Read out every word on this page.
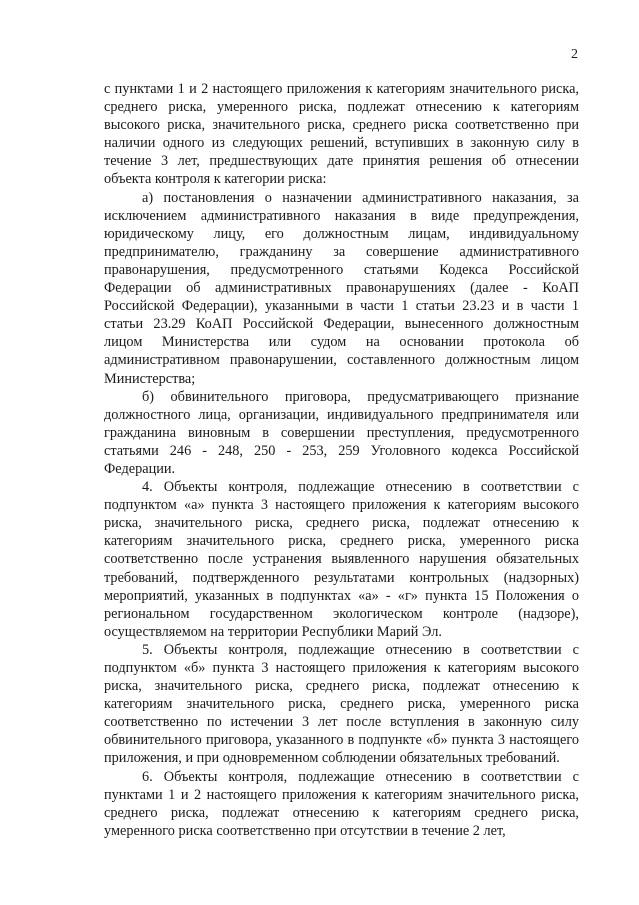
2

с пунктами 1 и 2 настоящего приложения к категориям значительного риска, среднего риска, умеренного риска, подлежат отнесению к категориям высокого риска, значительного риска, среднего риска соответственно при наличии одного из следующих решений, вступивших в законную силу в течение 3 лет, предшествующих дате принятия решения об отнесении объекта контроля к категории риска:

а) постановления о назначении административного наказания, за исключением административного наказания в виде предупреждения, юридическому лицу, его должностным лицам, индивидуальному предпринимателю, гражданину за совершение административного правонарушения, предусмотренного статьями Кодекса Российской Федерации об административных правонарушениях (далее - КоАП Российской Федерации), указанными в части 1 статьи 23.23 и в части 1 статьи 23.29 КоАП Российской Федерации, вынесенного должностным лицом Министерства или судом на основании протокола об административном правонарушении, составленного должностным лицом Министерства;

б) обвинительного приговора, предусматривающего признание должностного лица, организации, индивидуального предпринимателя или гражданина виновным в совершении преступления, предусмотренного статьями 246 - 248, 250 - 253, 259 Уголовного кодекса Российской Федерации.

4. Объекты контроля, подлежащие отнесению в соответствии с подпунктом «а» пункта 3 настоящего приложения к категориям высокого риска, значительного риска, среднего риска, подлежат отнесению к категориям значительного риска, среднего риска, умеренного риска соответственно после устранения выявленного нарушения обязательных требований, подтвержденного результатами контрольных (надзорных) мероприятий, указанных в подпунктах «а» - «г» пункта 15 Положения о региональном государственном экологическом контроле (надзоре), осуществляемом на территории Республики Марий Эл.

5. Объекты контроля, подлежащие отнесению в соответствии с подпунктом «б» пункта 3 настоящего приложения к категориям высокого риска, значительного риска, среднего риска, подлежат отнесению к категориям значительного риска, среднего риска, умеренного риска соответственно по истечении 3 лет после вступления в законную силу обвинительного приговора, указанного в подпункте «б» пункта 3 настоящего приложения, и при одновременном соблюдении обязательных требований.

6. Объекты контроля, подлежащие отнесению в соответствии с пунктами 1 и 2 настоящего приложения к категориям значительного риска, среднего риска, подлежат отнесению к категориям среднего риска, умеренного риска соответственно при отсутствии в течение 2 лет,
